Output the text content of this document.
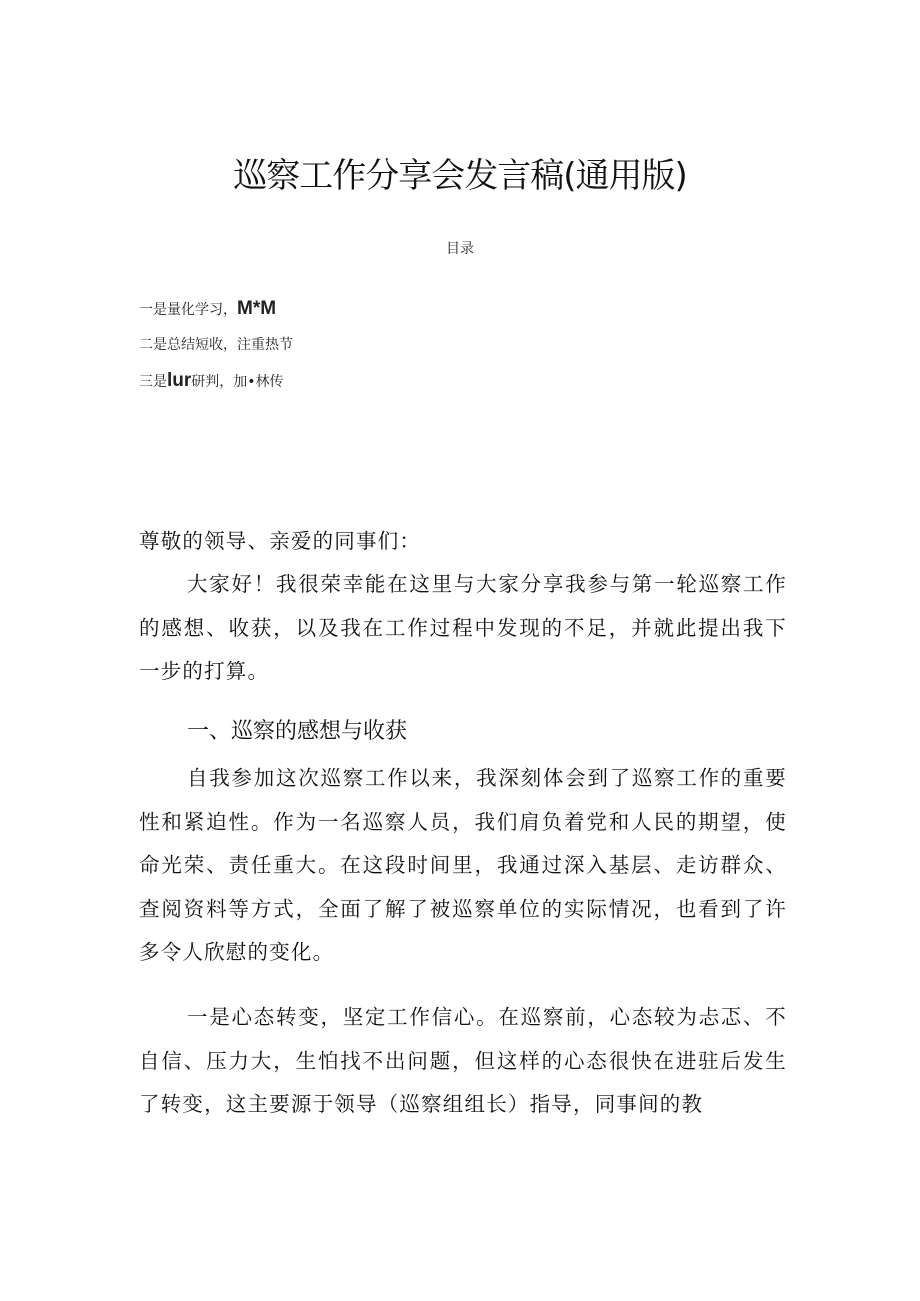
巡察工作分享会发言稿(通用版)
目录
一是量化学习，M*M
二是总结短收，注重热节
三是lur研判，加•林传

尊敬的领导、亲爱的同事们：

大家好！我很荣幸能在这里与大家分享我参与第一轮巡察工作的感想、收获，以及我在工作过程中发现的不足，并就此提出我下一步的打算。

一、巡察的感想与收获

自我参加这次巡察工作以来，我深刻体会到了巡察工作的重要性和紧迫性。作为一名巡察人员，我们肩负着党和人民的期望，使命光荣、责任重大。在这段时间里，我通过深入基层、走访群众、查阅资料等方式，全面了解了被巡察单位的实际情况，也看到了许多令人欣慰的变化。

一是心态转变，坚定工作信心。在巡察前，心态较为忐忑、不自信、压力大，生怕找不出问题，但这样的心态很快在进驻后发生了转变，这主要源于领导（巡察组组长）指导，同事间的教
